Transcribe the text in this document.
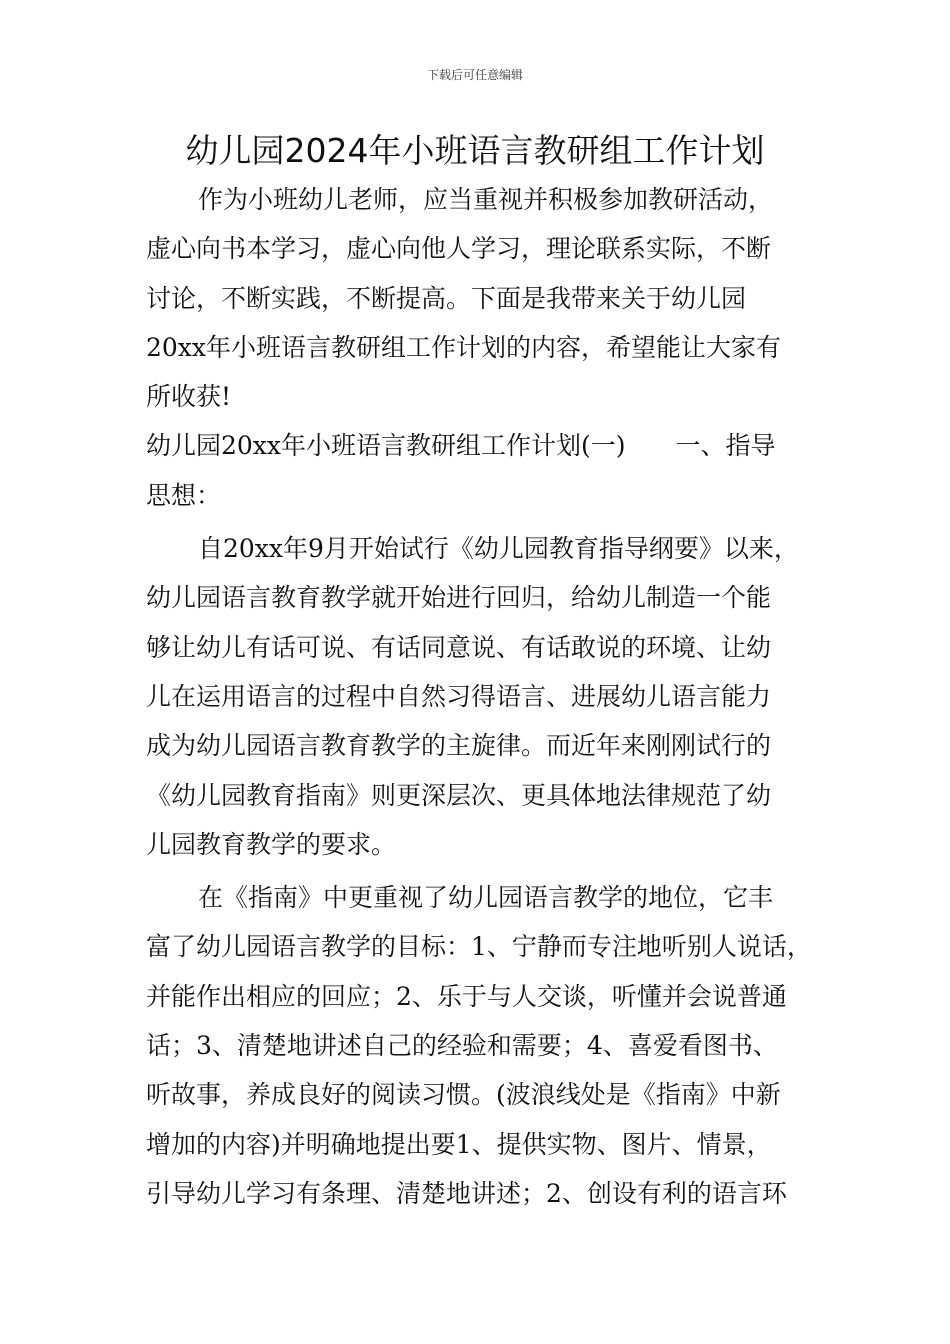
下载后可任意编辑
幼儿园2024年小班语言教研组工作计划
作为小班幼儿老师，应当重视并积极参加教研活动，
虚心向书本学习，虚心向他人学习，理论联系实际，不断
讨论，不断实践，不断提高。下面是我带来关于幼儿园
20xx年小班语言教研组工作计划的内容，希望能让大家有
所收获!
幼儿园20xx年小班语言教研组工作计划(一)　　一、指导
思想：
自20xx年9月开始试行《幼儿园教育指导纲要》以来，
幼儿园语言教育教学就开始进行回归，给幼儿制造一个能
够让幼儿有话可说、有话同意说、有话敢说的环境、让幼
儿在运用语言的过程中自然习得语言、进展幼儿语言能力
成为幼儿园语言教育教学的主旋律。而近年来刚刚试行的
《幼儿园教育指南》则更深层次、更具体地法律规范了幼
儿园教育教学的要求。
在《指南》中更重视了幼儿园语言教学的地位，它丰
富了幼儿园语言教学的目标：1、宁静而专注地听别人说话，
并能作出相应的回应；2、乐于与人交谈，听懂并会说普通
话；3、清楚地讲述自己的经验和需要；4、喜爱看图书、
听故事，养成良好的阅读习惯。(波浪线处是《指南》中新
增加的内容)并明确地提出要1、提供实物、图片、情景，
引导幼儿学习有条理、清楚地讲述；2、创设有利的语言环
